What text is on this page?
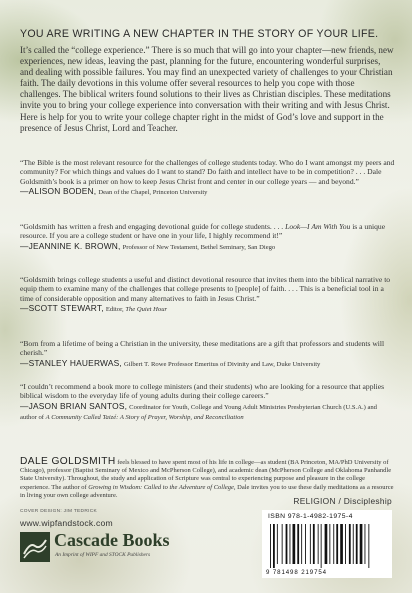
YOU ARE WRITING A NEW CHAPTER IN THE STORY OF YOUR LIFE.
It’s called the “college experience.” There is so much that will go into your chapter—new friends, new experiences, new ideas, leaving the past, planning for the future, encountering wonderful surprises, and dealing with possible failures. You may find an unexpected variety of challenges to your Christian faith. The daily devotions in this volume offer several resources to help you cope with those challenges. The biblical writers found solutions to their lives as Christian disciples. These meditations invite you to bring your college experience into conversation with their writing and with Jesus Christ. Here is help for you to write your college chapter right in the midst of God’s love and support in the presence of Jesus Christ, Lord and Teacher.
“The Bible is the most relevant resource for the challenges of college students today. Who do I want amongst my peers and community? For which things and values do I want to stand? Do faith and intellect have to be in competition? . . . Dale Goldsmith’s book is a primer on how to keep Jesus Christ front and center in our college years — and beyond.”
—ALISON BODEN, Dean of the Chapel, Princeton University
“Goldsmith has written a fresh and engaging devotional guide for college students. . . . Look—I Am With You is a unique resource. If you are a college student or have one in your life, I highly recommend it!”
—JEANNINE K. BROWN, Professor of New Testament, Bethel Seminary, San Diego
“Goldsmith brings college students a useful and distinct devotional resource that invites them into the biblical narrative to equip them to examine many of the challenges that college presents to [people] of faith. . . . This is a beneficial tool in a time of considerable opposition and many alternatives to faith in Jesus Christ.”
—SCOTT STEWART, Editor, The Quiet Hour
“Born from a lifetime of being a Christian in the university, these meditations are a gift that professors and students will cherish.”
—STANLEY HAUERWAS, Gilbert T. Rowe Professor Emeritus of Divinity and Law, Duke University
“I couldn’t recommend a book more to college ministers (and their students) who are looking for a resource that applies biblical wisdom to the everyday life of young adults during their college careers.”
—JASON BRIAN SANTOS, Coordinator for Youth, College and Young Adult Ministries Presbyterian Church (U.S.A.) and author of A Community Called Taizé: A Story of Prayer, Worship, and Reconciliation
DALE GOLDSMITH feels blessed to have spent most of his life in college—as student (BA Princeton, MA/PhD University of Chicago), professor (Baptist Seminary of Mexico and McPherson College), and academic dean (McPherson College and Oklahoma Panhandle State University). Throughout, the study and application of Scripture was central to experiencing purpose and pleasure in the college experience. The author of Growing in Wisdom: Called to the Adventure of College, Dale invites you to use these daily meditations as a resource in living your own college adventure.
RELIGION / Discipleship
ISBN 978-1-4982-1975-4
9 781498 219754
COVER DESIGN: JIM TEDRICK
www.wipfandstock.com
Cascade Books
An Imprint of WIPF and STOCK Publishers
